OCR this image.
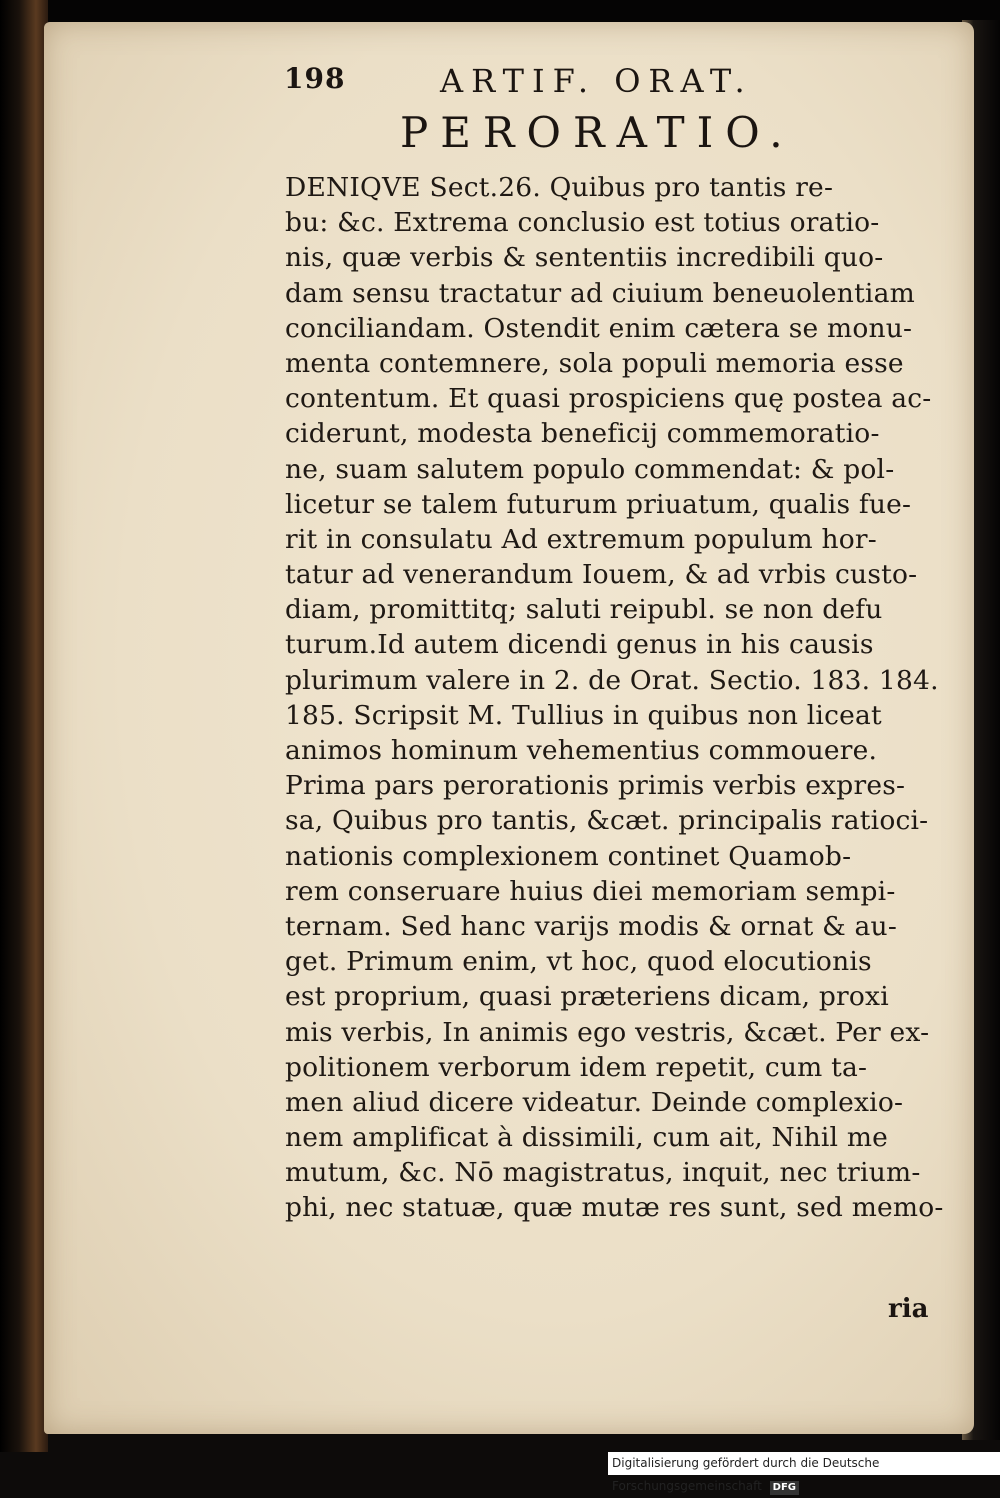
198	ARTIF. ORAT.
PERORATIO.
DENIQVE Sect.26. Quibus pro tantis re-
bu: &c. Extrema conclusio est totius oratio-
nis, quæ verbis & sententiis incredibili quo-
dam sensu tractatur ad ciuium beneuolentiam
conciliandam. Ostendit enim cætera se monu-
menta contemnere, sola populi memoria esse
contentum. Et quasi prospiciens quę postea ac-
ciderunt, modesta beneficij commemoratio-
ne, suam salutem populo commendat: & pol-
licetur se talem futurum priuatum, qualis fue-
rit in consulatu Ad extremum populum hor-
tatur ad venerandum Iouem, & ad vrbis custo-
diam, promittitq; saluti reipubl. se non defu
turum.Id autem dicendi genus in his causis
plurimum valere in 2. de Orat. Sectio. 183. 184.
185. Scripsit M. Tullius in quibus non liceat
animos hominum vehementius commouere.
Prima pars perorationis primis verbis expres-
sa, Quibus pro tantis, &cæt. principalis ratioci-
nationis complexionem continet Quamob-
rem conseruare huius diei memoriam sempi-
ternam. Sed hanc varijs modis & ornat & au-
get. Primum enim, vt hoc, quod elocutionis
est proprium, quasi præteriens dicam, proxi
mis verbis, In animis ego vestris, &cæt. Per ex-
politionem verborum idem repetit, cum ta-
men aliud dicere videatur. Deinde complexio-
nem amplificat à dissimili, cum ait, Nihil me
mutum, &c. Nō magistratus, inquit, nec trium-
phi, nec statuæ, quæ mutæ res sunt, sed memo-
ria
Digitalisierung gefördert durch die Deutsche Forschungsgemeinschaft DFG
